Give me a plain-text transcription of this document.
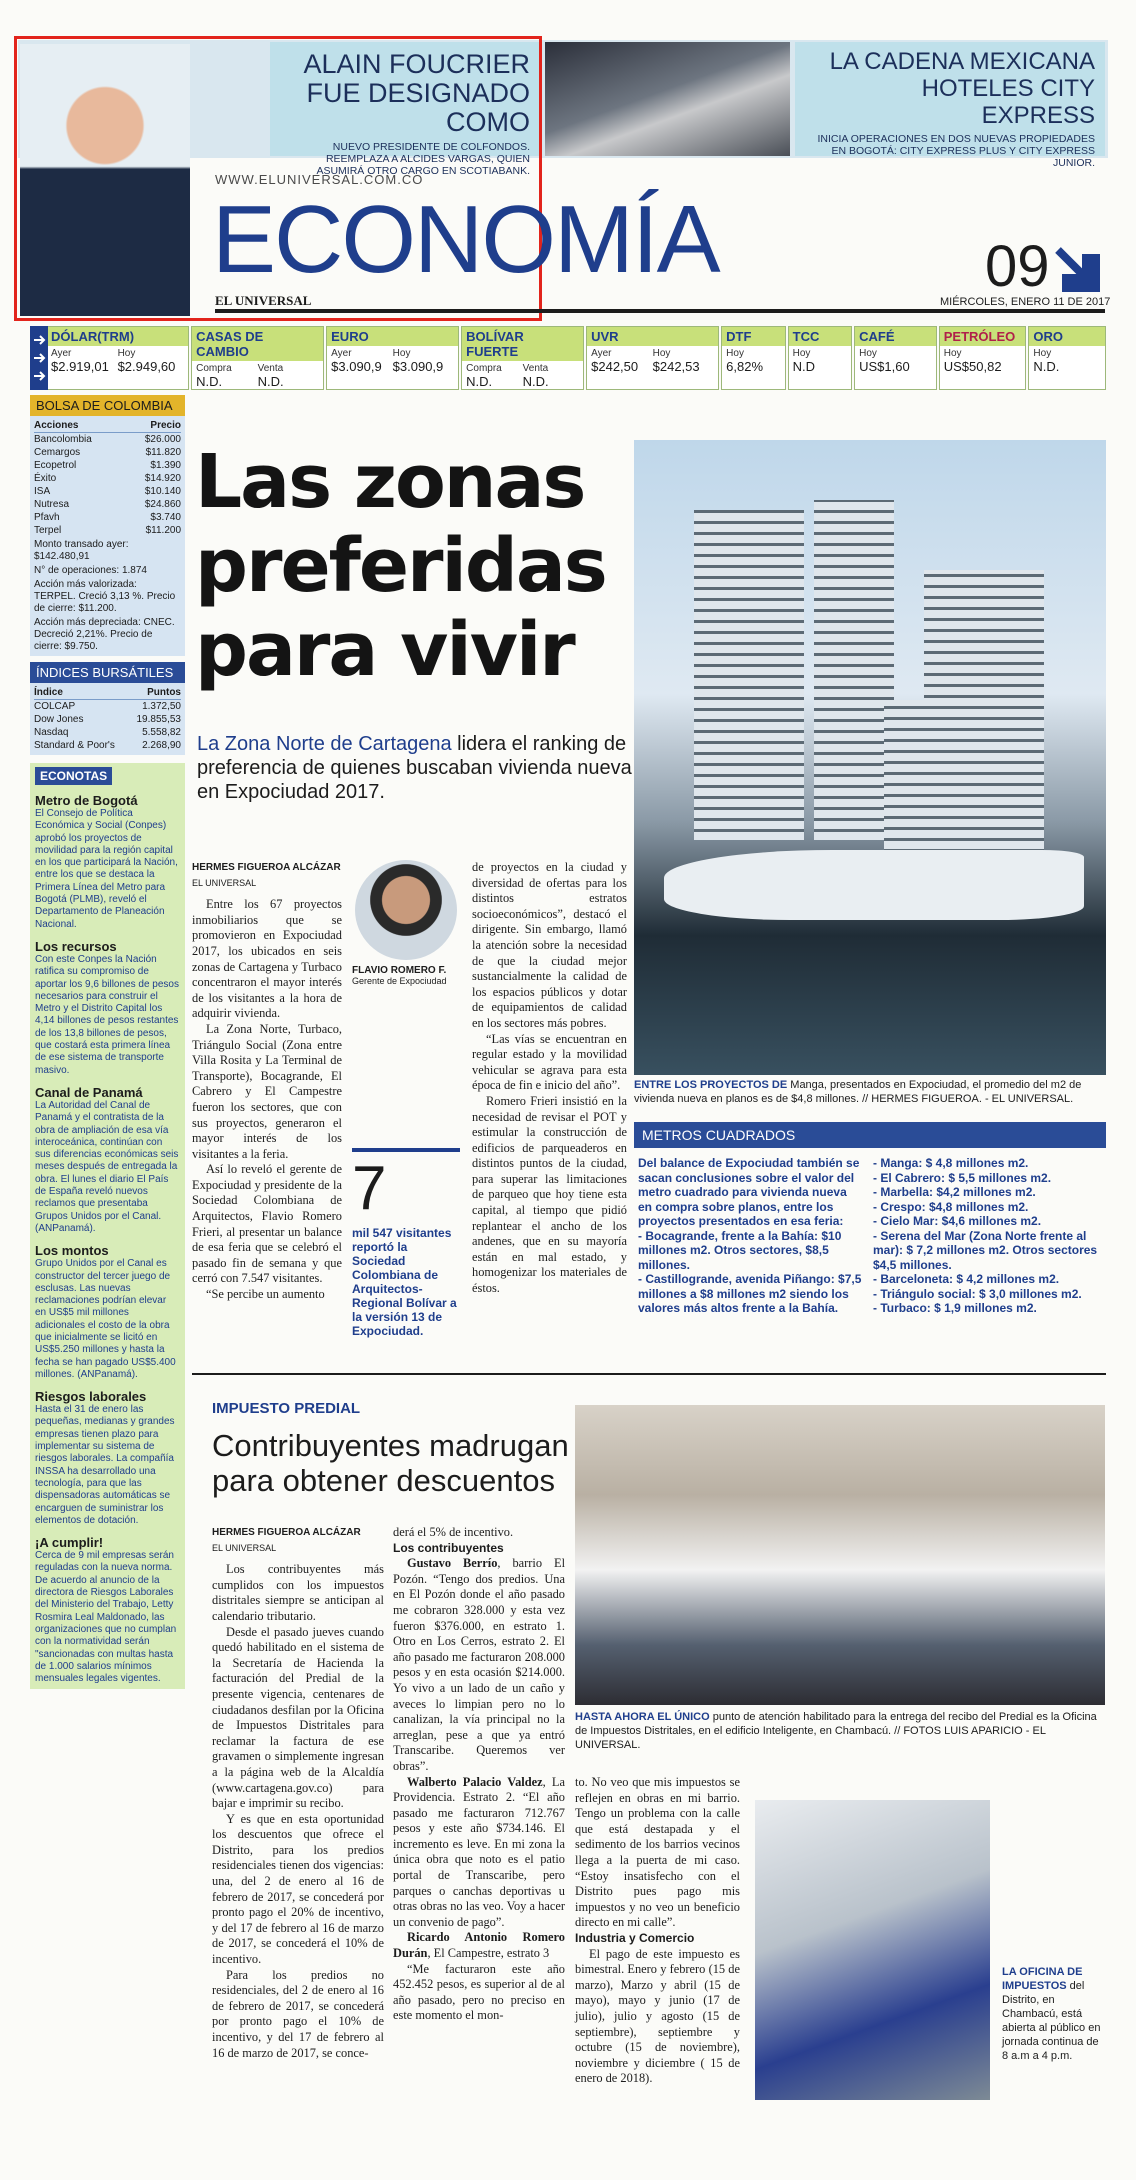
ALAIN FOUCRIER FUE DESIGNADO COMO

NUEVO PRESIDENTE DE COLFONDOS. REEMPLAZA A ALCIDES VARGAS, QUIEN ASUMIRÁ OTRO CARGO EN SCOTIABANK.

LA CADENA MEXICANA HOTELES CITY EXPRESS

INICIA OPERACIONES EN DOS NUEVAS PROPIEDADES EN BOGOTÁ: CITY EXPRESS PLUS Y CITY EXPRESS JUNIOR.

WWW.ELUNIVERSAL.COM.CO
ECONOMÍA
EL UNIVERSAL
09
MIÉRCOLES, ENERO 11 DE 2017
DÓLAR(TRM)
Ayer	Hoy
$2.919,01 $2.949,60
CASAS DE CAMBIO
Compra	Venta
N.D.	N.D.
EURO
Ayer	Hoy
$3.090,9 $3.090,9
BOLÍVAR FUERTE
Compra	Venta
N.D.	N.D.
UVR
Ayer	Hoy
$242,50	$242,53
DTF
Hoy
6,82%
TCC
Hoy
N.D
CAFÉ
Hoy
US$1,60
PETRÓLEO
Hoy
US$50,82
ORO
Hoy
N.D.
BOLSA DE COLOMBIA
Acciones	Precio
Bancolombia	$26.000
Cemargos	$11.820
Ecopetrol	$1.390
Éxito	$14.920
ISA	$10.140
Nutresa	$24.860
Pfavh	$3.740
Terpel	$11.200
Monto transado ayer: $142.480,91
N° de operaciones: 1.874
Acción más valorizada: TERPEL. Creció 3,13 %. Precio de cierre: $11.200.
Acción más depreciada: CNEC. Decreció 2,21%. Precio de cierre: $9.750.
ÍNDICES BURSÁTILES
Índice	Puntos
COLCAP	1.372,50
Dow Jones	19.855,53
Nasdaq	5.558,82
Standard & Poor's	2.268,90
ECONOTAS
Metro de Bogotá

El Consejo de Política Económica y Social (Conpes) aprobó los proyectos de movilidad para la región capital en los que participará la Nación, entre los que se destaca la Primera Línea del Metro para Bogotá (PLMB), reveló el Departamento de Planeación Nacional.

Los recursos

Con este Conpes la Nación ratifica su compromiso de aportar los 9,6 billones de pesos necesarios para construir el Metro y el Distrito Capital los 4,14 billones de pesos restantes de los 13,8 billones de pesos, que costará esta primera línea de ese sistema de transporte masivo.

Canal de Panamá

La Autoridad del Canal de Panamá y el contratista de la obra de ampliación de esa vía interoceánica, continúan con sus diferencias económicas seis meses después de entregada la obra. El lunes el diario El País de España reveló nuevos reclamos que presentaba Grupos Unidos por el Canal. (ANPanamá).

Los montos

Grupo Unidos por el Canal es constructor del tercer juego de esclusas. Las nuevas reclamaciones podrían elevar en US$5 mil millones adicionales el costo de la obra que inicialmente se licitó en US$5.250 millones y hasta la fecha se han pagado US$5.400 millones. (ANPanamá).

Riesgos laborales

Hasta el 31 de enero las pequeñas, medianas y grandes empresas tienen plazo para implementar su sistema de riesgos laborales. La compañía INSSA ha desarrollado una tecnología, para que las dispensadoras automáticas se encarguen de suministrar los elementos de dotación.

¡A cumplir!

Cerca de 9 mil empresas serán reguladas con la nueva norma. De acuerdo al anuncio de la directora de Riesgos Laborales del Ministerio del Trabajo, Letty Rosmira Leal Maldonado, las organizaciones que no cumplan con la normatividad serán "sancionadas con multas hasta de 1.000 salarios mínimos mensuales legales vigentes.

Las zonas preferidas para vivir
La Zona Norte de Cartagena lidera el ranking de preferencia de quienes buscaban vivienda nueva en Expociudad 2017.
ENTRE LOS PROYECTOS DE Manga, presentados en Expociudad, el promedio del m2 de vivienda nueva en planos es de $4,8 millones. // HERMES FIGUEROA. - EL UNIVERSAL.
HERMES FIGUEROA ALCÁZAR
EL UNIVERSAL

Entre los 67 proyectos inmobiliarios que se promovieron en Expociudad 2017, los ubicados en seis zonas de Cartagena y Turbaco concentraron el mayor interés de los visitantes a la hora de adquirir vivienda.

La Zona Norte, Turbaco, Triángulo Social (Zona entre Villa Rosita y La Terminal de Transporte), Bocagrande, El Cabrero y El Campestre fueron los sectores, que con sus proyectos, generaron el mayor interés de los visitantes a la feria.

Así lo reveló el gerente de Expociudad y presidente de la Sociedad Colombiana de Arquitectos, Flavio Romero Frieri, al presentar un balance de esa feria que se celebró el pasado fin de semana y que cerró con 7.547 visitantes.

“Se percibe un aumento

FLAVIO ROMERO F.
Gerente de Expociudad
7
mil 547 visitantes reportó la Sociedad Colombiana de Arquitectos-Regional Bolívar a la versión 13 de Expociudad.

de proyectos en la ciudad y diversidad de ofertas para los distintos estratos socioeconómicos”, destacó el dirigente. Sin embargo, llamó la atención sobre la necesidad de que la ciudad mejor sustancialmente la calidad de los espacios públicos y dotar de equipamientos de calidad en los sectores más pobres.

“Las vías se encuentran en regular estado y la movilidad vehicular se agrava para esta época de fin e inicio del año”.

Romero Frieri insistió en la necesidad de revisar el POT y estimular la construcción de edificios de parqueaderos en distintos puntos de la ciudad, para superar las limitaciones de parqueo que hoy tiene esta capital, al tiempo que pidió replantear el ancho de los andenes, que en su mayoría están en mal estado, y homogenizar los materiales de éstos.

METROS CUADRADOS
Del balance de Expociudad también se sacan conclusiones sobre el valor del metro cuadrado para vivienda nueva en compra sobre planos, entre los proyectos presentados en esa feria:
- Bocagrande, frente a la Bahía: $10 millones m2. Otros sectores, $8,5 millones.
- Castillogrande, avenida Piñango: $7,5 millones a $8 millones m2 siendo los valores más altos frente a la Bahía.
- Manga: $ 4,8 millones m2.
- El Cabrero: $ 5,5 millones m2.
- Marbella: $4,2 millones m2.
- Crespo: $4,8 millones m2.
- Cielo Mar: $4,6 millones m2.
- Serena del Mar (Zona Norte frente al mar): $ 7,2 millones m2. Otros sectores $4,5 millones.
- Barceloneta: $ 4,2 millones m2.
- Triángulo social: $ 3,0 millones m2.
- Turbaco: $ 1,9 millones m2.
IMPUESTO PREDIAL
Contribuyentes madrugan para obtener descuentos
HERMES FIGUEROA ALCÁZAR
EL UNIVERSAL

Los contribuyentes más cumplidos con los impuestos distritales siempre se anticipan al calendario tributario.

Desde el pasado jueves cuando quedó habilitado en el sistema de la Secretaría de Hacienda la facturación del Predial de la presente vigencia, centenares de ciudadanos desfilan por la Oficina de Impuestos Distritales para reclamar la factura de ese gravamen o simplemente ingresan a la página web de la Alcaldía (www.cartagena.gov.co) para bajar e imprimir su recibo.

Y es que en esta oportunidad los descuentos que ofrece el Distrito, para los predios residenciales tienen dos vigencias: una, del 2 de enero al 16 de febrero de 2017, se concederá por pronto pago el 20% de incentivo, y del 17 de febrero al 16 de marzo de 2017, se concederá el 10% de incentivo.

Para los predios no residenciales, del 2 de enero al 16 de febrero de 2017, se concederá por pronto pago el 10% de incentivo, y del 17 de febrero al 16 de marzo de 2017, se conce-

derá el 5% de incentivo.

Los contribuyentes

Gustavo Berrío, barrio El Pozón. “Tengo dos predios. Una en El Pozón donde el año pasado me cobraron 328.000 y esta vez fueron $376.000, en estrato 1. Otro en Los Cerros, estrato 2. El año pasado me facturaron 208.000 pesos y en esta ocasión $214.000. Yo vivo a un lado de un caño y aveces lo limpian pero no lo canalizan, la vía principal no la arreglan, pese a que ya entró Transcaribe. Queremos ver obras”.

Walberto Palacio Valdez, La Providencia. Estrato 2. “El año pasado me facturaron 712.767 pesos y este año $734.146. El incremento es leve. En mi zona la única obra que noto es el patio portal de Transcaribe, pero parques o canchas deportivas u otras obras no las veo. Voy a hacer un convenio de pago”.

Ricardo Antonio Romero Durán, El Campestre, estrato 3

“Me facturaron este año 452.452 pesos, es superior al de al año pasado, pero no preciso en este momento el mon-

HASTA AHORA EL ÚNICO punto de atención habilitado para la entrega del recibo del Predial es la Oficina de Impuestos Distritales, en el edificio Inteligente, en Chambacú. // FOTOS LUIS APARICIO - EL UNIVERSAL.

to. No veo que mis impuestos se reflejen en obras en mi barrio. Tengo un problema con la calle que está destapada y el sedimento de los barrios vecinos llega a la puerta de mi caso. “Estoy insatisfecho con el Distrito pues pago mis impuestos y no veo un beneficio directo en mi calle”.

Industria y Comercio

El pago de este impuesto es bimestral. Enero y febrero (15 de marzo), Marzo y abril (15 de mayo), mayo y junio (17 de julio), julio y agosto (15 de septiembre), septiembre y octubre (15 de noviembre), noviembre y diciembre ( 15 de enero de 2018).

LA OFICINA DE IMPUESTOS del Distrito, en Chambacú, está abierta al público en jornada continua de 8 a.m a 4 p.m.
